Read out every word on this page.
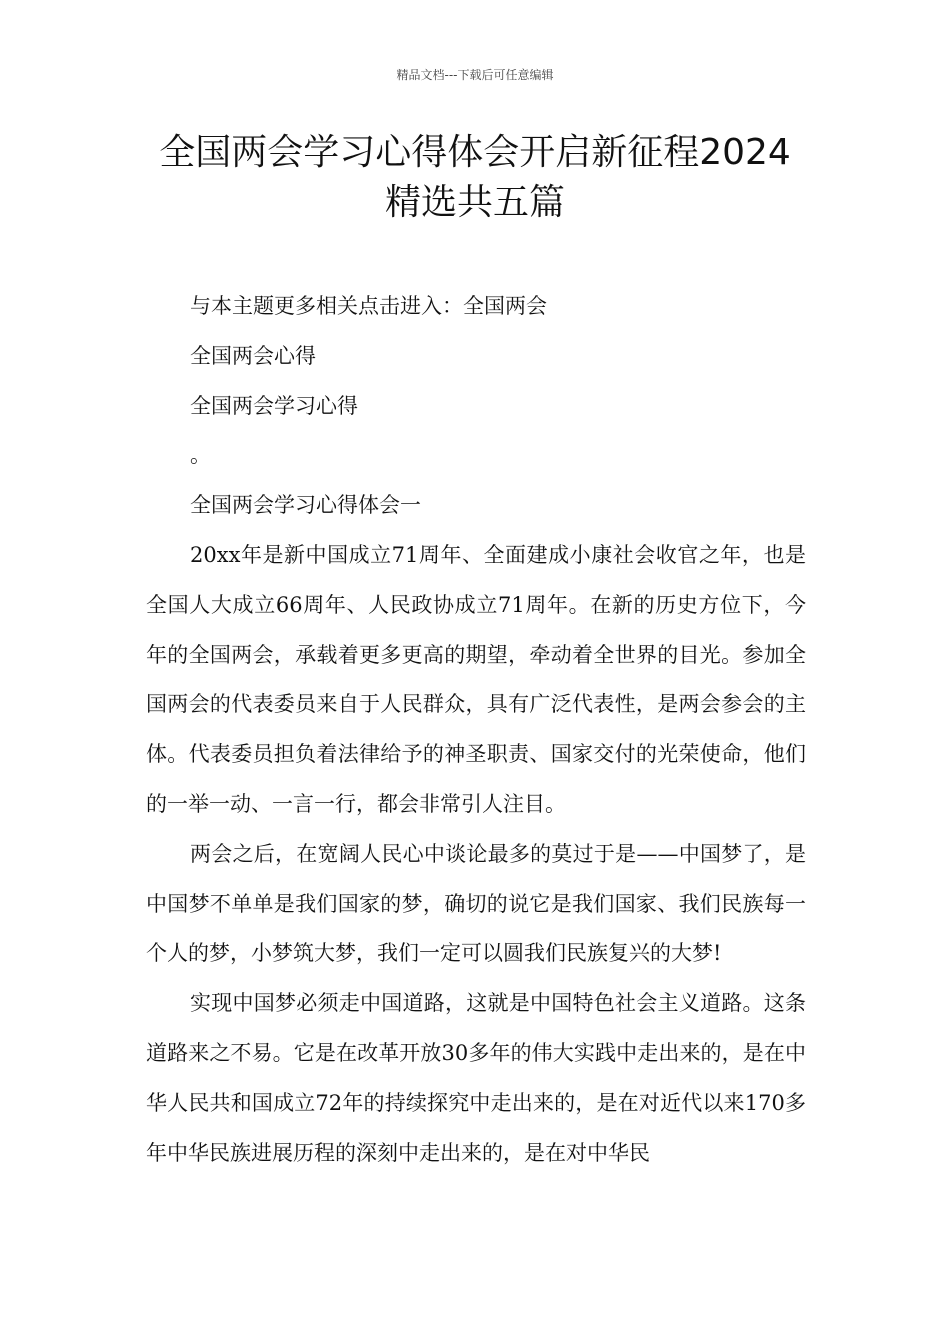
精品文档---下载后可任意编辑
全国两会学习心得体会开启新征程2024
精选共五篇

与本主题更多相关点击进入：全国两会

全国两会心得

全国两会学习心得

。

全国两会学习心得体会一

20xx年是新中国成立71周年、全面建成小康社会收官之年，也是全国人大成立66周年、人民政协成立71周年。在新的历史方位下，今年的全国两会，承载着更多更高的期望，牵动着全世界的目光。参加全国两会的代表委员来自于人民群众，具有广泛代表性，是两会参会的主体。代表委员担负着法律给予的神圣职责、国家交付的光荣使命，他们的一举一动、一言一行，都会非常引人注目。

两会之后，在宽阔人民心中谈论最多的莫过于是——中国梦了，是中国梦不单单是我们国家的梦，确切的说它是我们国家、我们民族每一个人的梦，小梦筑大梦，我们一定可以圆我们民族复兴的大梦!

实现中国梦必须走中国道路，这就是中国特色社会主义道路。这条道路来之不易。它是在改革开放30多年的伟大实践中走出来的，是在中华人民共和国成立72年的持续探究中走出来的，是在对近代以来170多年中华民族进展历程的深刻中走出来的，是在对中华民
